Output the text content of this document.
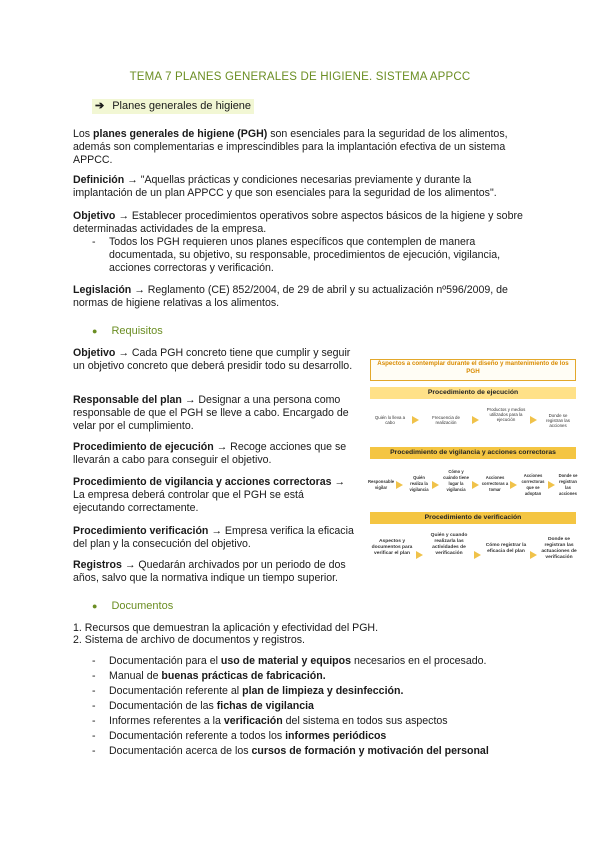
TEMA 7 PLANES GENERALES DE HIGIENE. SISTEMA APPCC
➔ Planes generales de higiene
Los planes generales de higiene (PGH) son esenciales para la seguridad de los alimentos, además son complementarias e imprescindibles para la implantación efectiva de un sistema APPCC.
Definición → "Aquellas prácticas y condiciones necesarias previamente y durante la implantación de un plan APPCC y que son esenciales para la seguridad de los alimentos".
Objetivo → Establecer procedimientos operativos sobre aspectos básicos de la higiene y sobre determinadas actividades de la empresa.
- Todos los PGH requieren unos planes específicos que contemplen de manera documentada, su objetivo, su responsable, procedimientos de ejecución, vigilancia, acciones correctoras y verificación.
Legislación → Reglamento (CE) 852/2004, de 29 de abril y su actualización nº596/2009, de normas de higiene relativas a los alimentos.
● Requisitos
Objetivo → Cada PGH concreto tiene que cumplir y seguir un objetivo concreto que deberá presidir todo su desarrollo.
Responsable del plan → Designar a una persona como responsable de que el PGH se lleve a cabo. Encargado de velar por el cumplimiento.
Procedimiento de ejecución → Recoge acciones que se llevarán a cabo para conseguir el objetivo.
Procedimiento de vigilancia y acciones correctoras → La empresa deberá controlar que el PGH se está ejecutando correctamente.
Procedimiento verificación → Empresa verifica la eficacia del plan y la consecución del objetivo.
Registros → Quedarán archivados por un periodo de dos años, salvo que la normativa indique un tiempo superior.
Aspectos a contemplar durante el diseño y mantenimiento de los PGH
Procedimiento de ejecución
Quién lo lleva a cabo
Frecuencia de realización
Productos y medios utilizados para la ejecución
Donde se registran las acciones
Procedimiento de vigilancia y acciones correctoras
Responsable vigilar
Quién realiza la vigilancia
Cómo y cuándo tiene lugar la vigilancia
Acciones correctoras a tomar
Acciones correctoras que se adoptan
Donde se registran las acciones
Procedimiento de verificación
Aspectos y documentos para verificar el plan
Quién y cuando realizarla las actividades de verificación
Cómo registrar la eficacia del plan
Donde se registran las actuaciones de verificación
● Documentos
1. Recursos que demuestran la aplicación y efectividad del PGH.
2. Sistema de archivo de documentos y registros.
- Documentación para el uso de material y equipos necesarios en el procesado.
- Manual de buenas prácticas de fabricación.
- Documentación referente al plan de limpieza y desinfección.
- Documentación de las fichas de vigilancia
- Informes referentes a la verificación del sistema en todos sus aspectos
- Documentación referente a todos los informes periódicos
- Documentación acerca de los cursos de formación y motivación del personal
